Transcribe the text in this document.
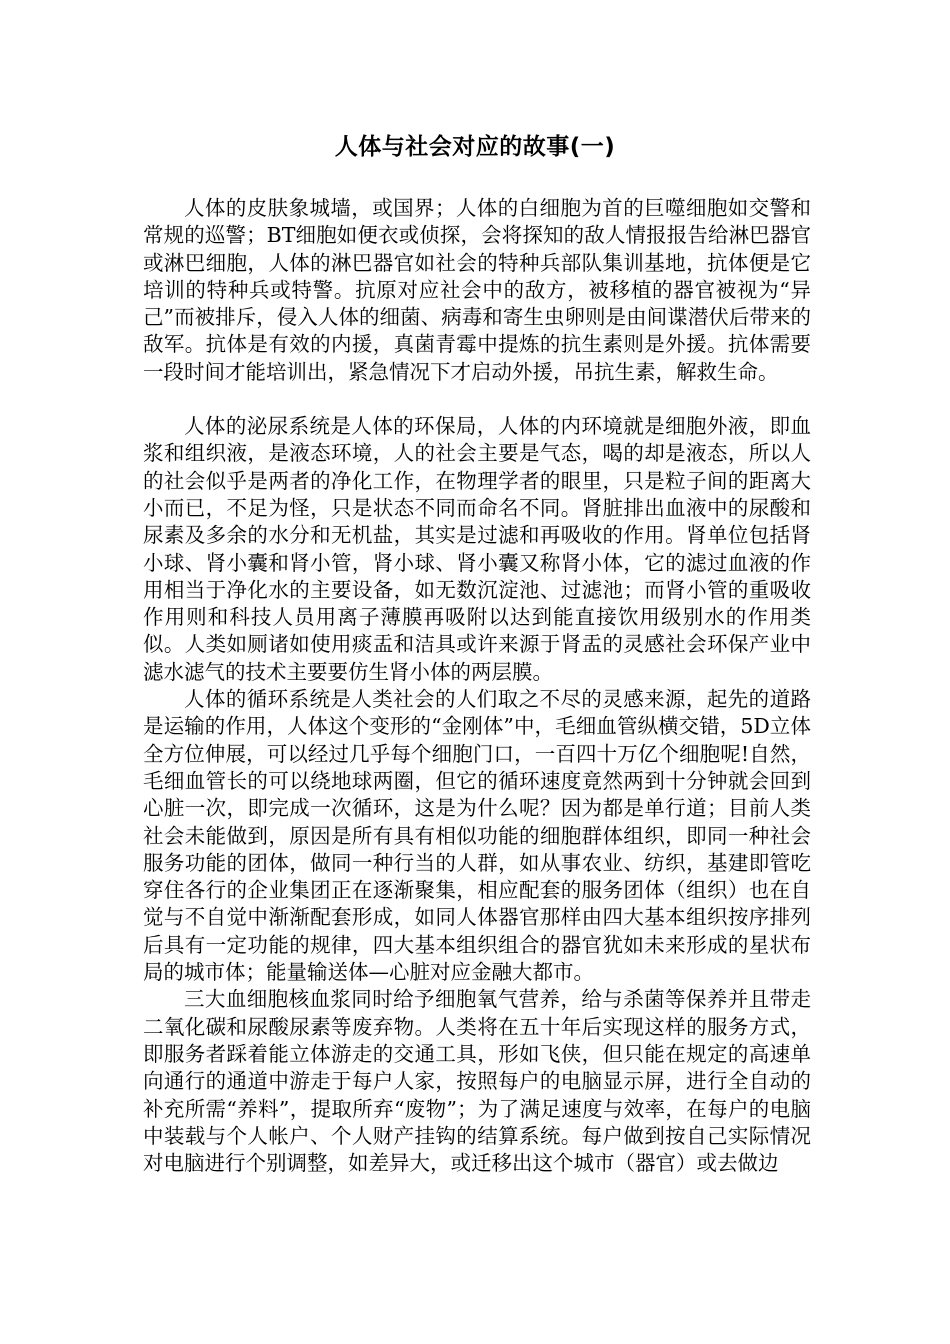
人体与社会对应的故事(一)

人体的皮肤象城墙，或国界；人体的白细胞为首的巨噬细胞如交警和常规的巡警；BT细胞如便衣或侦探，会将探知的敌人情报报告给淋巴器官或淋巴细胞，人体的淋巴器官如社会的特种兵部队集训基地，抗体便是它培训的特种兵或特警。抗原对应社会中的敌方，被移植的器官被视为“异己”而被排斥，侵入人体的细菌、病毒和寄生虫卵则是由间谍潜伏后带来的敌军。抗体是有效的内援，真菌青霉中提炼的抗生素则是外援。抗体需要一段时间才能培训出，紧急情况下才启动外援，吊抗生素，解救生命。

人体的泌尿系统是人体的环保局，人体的内环境就是细胞外液，即血浆和组织液，是液态环境，人的社会主要是气态，喝的却是液态，所以人的社会似乎是两者的净化工作，在物理学者的眼里，只是粒子间的距离大小而已，不足为怪，只是状态不同而命名不同。肾脏排出血液中的尿酸和尿素及多余的水分和无机盐，其实是过滤和再吸收的作用。肾单位包括肾小球、肾小囊和肾小管，肾小球、肾小囊又称肾小体，它的滤过血液的作用相当于净化水的主要设备，如无数沉淀池、过滤池；而肾小管的重吸收作用则和科技人员用离子薄膜再吸附以达到能直接饮用级别水的作用类似。人类如厕诸如使用痰盂和洁具或许来源于肾盂的灵感社会环保产业中滤水滤气的技术主要要仿生肾小体的两层膜。

人体的循环系统是人类社会的人们取之不尽的灵感来源，起先的道路是运输的作用，人体这个变形的“金刚体”中，毛细血管纵横交错，5D立体全方位伸展，可以经过几乎每个细胞门口，一百四十万亿个细胞呢!自然，毛细血管长的可以绕地球两圈，但它的循环速度竟然两到十分钟就会回到心脏一次，即完成一次循环，这是为什么呢？因为都是单行道；目前人类社会未能做到，原因是所有具有相似功能的细胞群体组织，即同一种社会服务功能的团体，做同一种行当的人群，如从事农业、纺织，基建即管吃穿住各行的企业集团正在逐渐聚集，相应配套的服务团体（组织）也在自觉与不自觉中渐渐配套形成，如同人体器官那样由四大基本组织按序排列后具有一定功能的规律，四大基本组织组合的器官犹如未来形成的星状布局的城市体；能量输送体—心脏对应金融大都市。

三大血细胞核血浆同时给予细胞氧气营养，给与杀菌等保养并且带走二氧化碳和尿酸尿素等废弃物。人类将在五十年后实现这样的服务方式，即服务者踩着能立体游走的交通工具，形如飞侠，但只能在规定的高速单向通行的通道中游走于每户人家，按照每户的电脑显示屏，进行全自动的补充所需“养料”，提取所弃“废物”；为了满足速度与效率，在每户的电脑中装载与个人帐户、个人财产挂钩的结算系统。每户做到按自己实际情况对电脑进行个别调整，如差异大，或迁移出这个城市（器官）或去做边
